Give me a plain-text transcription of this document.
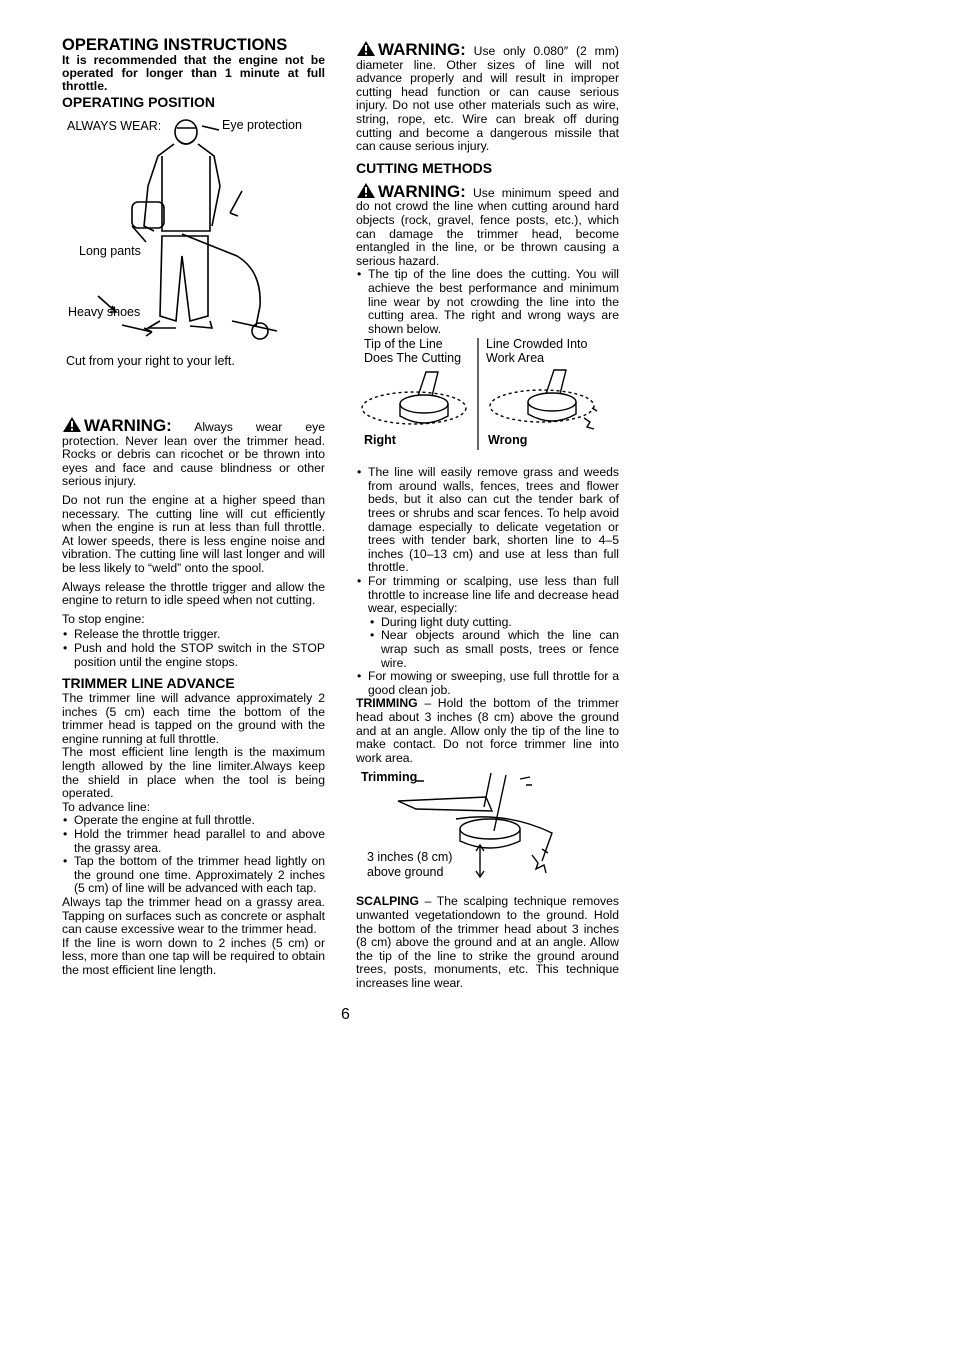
OPERATING INSTRUCTIONS
It is recommended that the engine not be operated for longer than 1 minute at full throttle.
OPERATING POSITION
ALWAYS WEAR:	Eye protection
Long pants
Heavy shoes
Cut from your right to your left.

WARNING: Always wear eye protection. Never lean over the trimmer head. Rocks or debris can ricochet or be thrown into eyes and face and cause blindness or other serious injury.

Do not run the engine at a higher speed than necessary. The cutting line will cut efficiently when the engine is run at less than full throttle. At lower speeds, there is less engine noise and vibration. The cutting line will last longer and will be less likely to “weld” onto the spool.

Always release the throttle trigger and allow the engine to return to idle speed when not cutting.

To stop engine:
• Release the throttle trigger.
• Push and hold the STOP switch in the STOP position until the engine stops.
TRIMMER LINE ADVANCE

The trimmer line will advance approximately 2 inches (5 cm) each time the bottom of the trimmer head is tapped on the ground with the engine running at full throttle.

The most efficient line length is the maximum length allowed by the line limiter.Always keep the shield in place when the tool is being operated.

To advance line:
• Operate the engine at full throttle.
• Hold the trimmer head parallel to and above the grassy area.
• Tap the bottom of the trimmer head lightly on the ground one time. Approximately 2 inches (5 cm) of line will be advanced with each tap.

Always tap the trimmer head on a grassy area. Tapping on surfaces such as concrete or asphalt can cause excessive wear to the trimmer head.

If the line is worn down to 2 inches (5 cm) or less, more than one tap will be required to obtain the most efficient line length.

WARNING: Use only 0.080″ (2 mm) diameter line. Other sizes of line will not advance properly and will result in improper cutting head function or can cause serious injury. Do not use other materials such as wire, string, rope, etc. Wire can break off during cutting and become a dangerous missile that can cause serious injury.

CUTTING METHODS

WARNING: Use minimum speed and do not crowd the line when cutting around hard objects (rock, gravel, fence posts, etc.), which can damage the trimmer head, become entangled in the line, or be thrown causing a serious hazard.

• The tip of the line does the cutting. You will achieve the best performance and minimum line wear by not crowding the line into the cutting area. The right and wrong ways are shown below.
Tip of the Line
Does The Cutting
Line Crowded Into
Work Area
Right	Wrong
• The line will easily remove grass and weeds from around walls, fences, trees and flower beds, but it also can cut the tender bark of trees or shrubs and scar fences. To help avoid damage especially to delicate vegetation or trees with tender bark, shorten line to 4–5 inches (10–13 cm) and use at less than full throttle.
• For trimming or scalping, use less than full throttle to increase line life and decrease head wear, especially:
• During light duty cutting.
• Near objects around which the line can wrap such as small posts, trees or fence wire.
• For mowing or sweeping, use full throttle for a good clean job.

TRIMMING – Hold the bottom of the trimmer head about 3 inches (8 cm) above the ground and at an angle. Allow only the tip of the line to make contact. Do not force trimmer line into work area.

Trimming
3 inches (8 cm)
above ground

SCALPING – The scalping technique removes unwanted vegetationdown to the ground. Hold the bottom of the trimmer head about 3 inches (8 cm) above the ground and at an angle. Allow the tip of the line to strike the ground around trees, posts, monuments, etc. This technique increases line wear.

6
